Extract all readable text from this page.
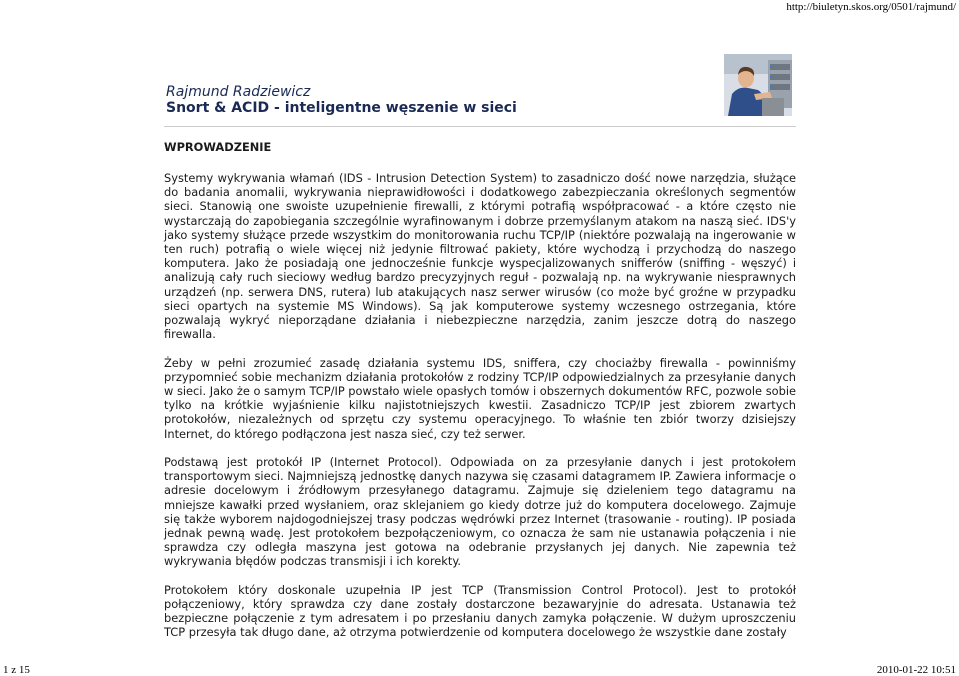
http://biuletyn.skos.org/0501/rajmund/
Rajmund Radziewicz
Snort & ACID - inteligentne węszenie w sieci
WPROWADZENIE

Systemy wykrywania włamań (IDS - Intrusion Detection System) to zasadniczo dość nowe narzędzia, służące do badania anomalii, wykrywania nieprawidłowości i dodatkowego zabezpieczania określonych segmentów sieci. Stanowią one swoiste uzupełnienie firewalli, z którymi potrafią współpracować - a które często nie wystarczają do zapobiegania szczególnie wyrafinowanym i dobrze przemyślanym atakom na naszą sieć. IDS'y jako systemy służące przede wszystkim do monitorowania ruchu TCP/IP (niektóre pozwalają na ingerowanie w ten ruch) potrafią o wiele więcej niż jedynie filtrować pakiety, które wychodzą i przychodzą do naszego komputera. Jako że posiadają one jednocześnie funkcje wyspecjalizowanych snifferów (sniffing - węszyć) i analizują cały ruch sieciowy według bardzo precyzyjnych reguł - pozwalają np. na wykrywanie niesprawnych urządzeń (np. serwera DNS, rutera) lub atakujących nasz serwer wirusów (co może być groźne w przypadku sieci opartych na systemie MS Windows). Są jak komputerowe systemy wczesnego ostrzegania, które pozwalają wykryć nieporządane działania i niebezpieczne narzędzia, zanim jeszcze dotrą do naszego firewalla.

Żeby w pełni zrozumieć zasadę działania systemu IDS, sniffera, czy chociażby firewalla - powinniśmy przypomnieć sobie mechanizm działania protokołów z rodziny TCP/IP odpowiedzialnych za przesyłanie danych w sieci. Jako że o samym TCP/IP powstało wiele opasłych tomów i obszernych dokumentów RFC, pozwole sobie tylko na krótkie wyjaśnienie kilku najistotniejszych kwestii. Zasadniczo TCP/IP jest zbiorem zwartych protokołów, niezależnych od sprzętu czy systemu operacyjnego. To właśnie ten zbiór tworzy dzisiejszy Internet, do którego podłączona jest nasza sieć, czy też serwer.

Podstawą jest protokół IP (Internet Protocol). Odpowiada on za przesyłanie danych i jest protokołem transportowym sieci. Najmniejszą jednostkę danych nazywa się czasami datagramem IP. Zawiera informacje o adresie docelowym i źródłowym przesyłanego datagramu. Zajmuje się dzieleniem tego datagramu na mniejsze kawałki przed wysłaniem, oraz sklejaniem go kiedy dotrze już do komputera docelowego. Zajmuje się także wyborem najdogodniejszej trasy podczas wędrówki przez Internet (trasowanie - routing). IP posiada jednak pewną wadę. Jest protokołem bezpołączeniowym, co oznacza że sam nie ustanawia połączenia i nie sprawdza czy odległa maszyna jest gotowa na odebranie przysłanych jej danych. Nie zapewnia też wykrywania błędów podczas transmisji i ich korekty.

Protokołem który doskonale uzupełnia IP jest TCP (Transmission Control Protocol). Jest to protokół połączeniowy, który sprawdza czy dane zostały dostarczone bezawaryjnie do adresata. Ustanawia też bezpieczne połączenie z tym adresatem i po przesłaniu danych zamyka połączenie. W dużym uproszczeniu TCP przesyła tak długo dane, aż otrzyma potwierdzenie od komputera docelowego że wszystkie dane zostały

1 z 15	2010-01-22 10:51
